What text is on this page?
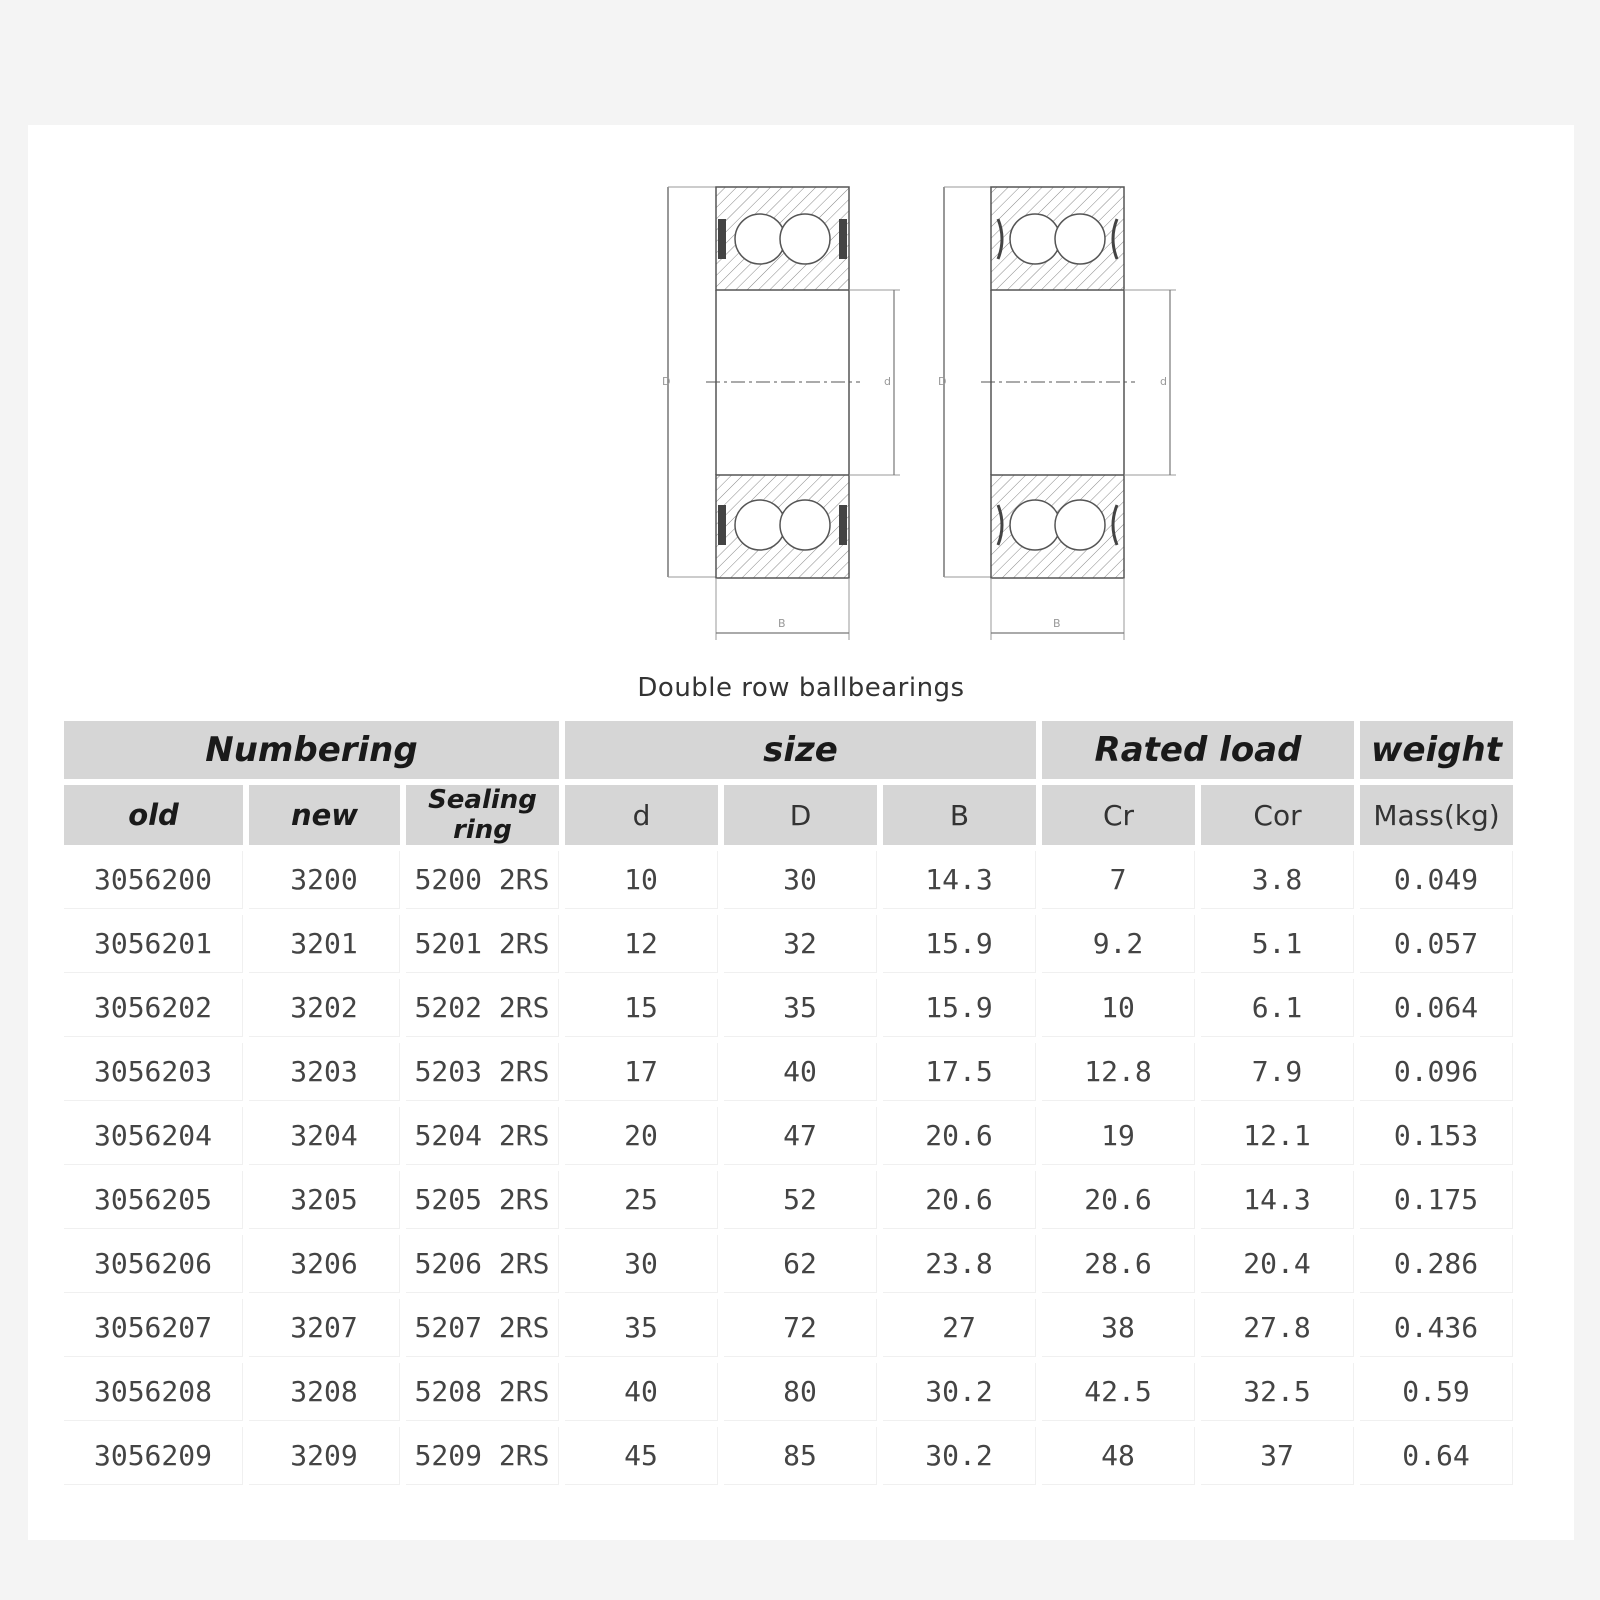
D	d
B
D	d
B
Double row ballbearings
Numbering			size			Rated load		weight
old	new	Sealing ring	d	D	B	Cr	Cor	Mass(kg)
3056200	3200	5200 2RS	10	30	14.3	7	3.8	0.049
3056201	3201	5201 2RS	12	32	15.9	9.2	5.1	0.057
3056202	3202	5202 2RS	15	35	15.9	10	6.1	0.064
3056203	3203	5203 2RS	17	40	17.5	12.8	7.9	0.096
3056204	3204	5204 2RS	20	47	20.6	19	12.1	0.153
3056205	3205	5205 2RS	25	52	20.6	20.6	14.3	0.175
3056206	3206	5206 2RS	30	62	23.8	28.6	20.4	0.286
3056207	3207	5207 2RS	35	72	27	38	27.8	0.436
3056208	3208	5208 2RS	40	80	30.2	42.5	32.5	0.59
3056209	3209	5209 2RS	45	85	30.2	48	37	0.64
